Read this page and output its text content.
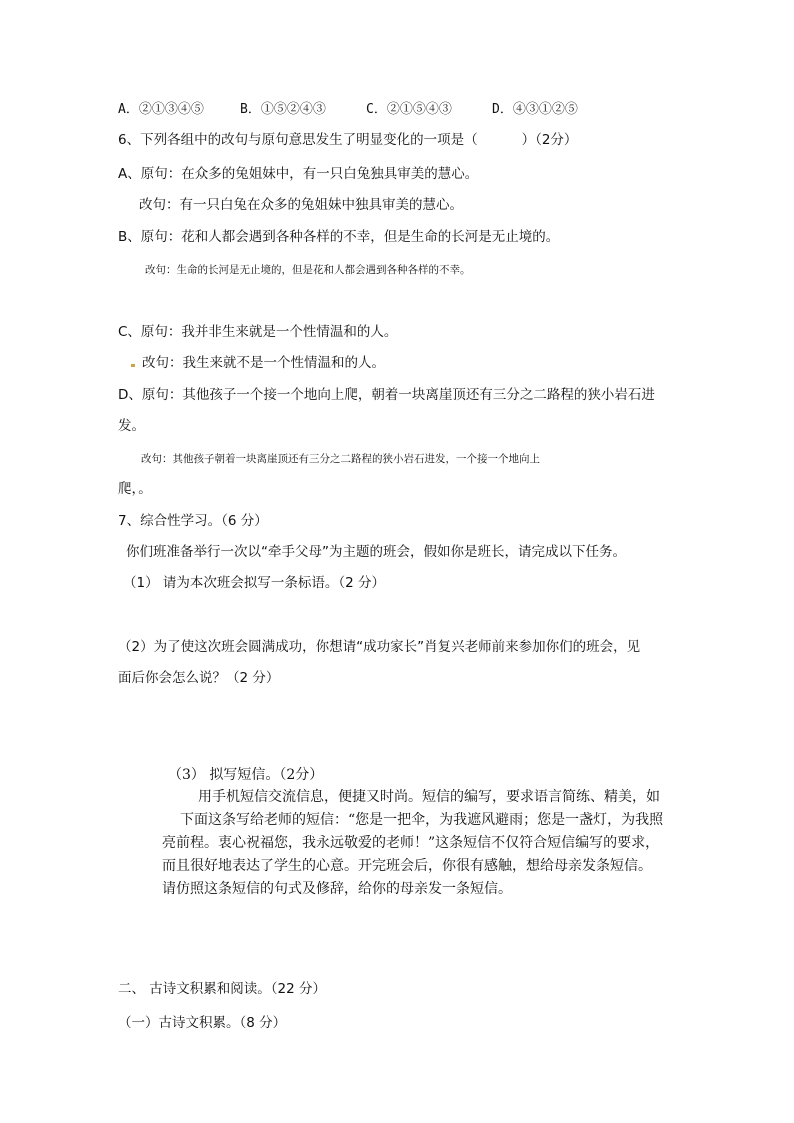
A．②①③④⑤	B．①⑤②④③	C．②①⑤④③	D．④③①②⑤
6、下列各组中的改句与原句意思发生了明显变化的一项是（	）（2分）
A、原句：在众多的兔姐妹中，有一只白兔独具审美的慧心。
改句：有一只白兔在众多的兔姐妹中独具审美的慧心。
B、原句：花和人都会遇到各种各样的不幸，但是生命的长河是无止境的。
改句：生命的长河是无止境的，但是花和人都会遇到各种各样的不幸。
C、原句：我并非生来就是一个性情温和的人。
改句：我生来就不是一个性情温和的人。
D、原句：其他孩子一个接一个地向上爬，朝着一块离崖顶还有三分之二路程的狭小岩石进
发。
改句：其他孩子朝着一块离崖顶还有三分之二路程的狭小岩石进发，一个接一个地向上
爬，。
7、综合性学习。（6 分）
你们班准备举行一次以“牵手父母”为主题的班会，假如你是班长，请完成以下任务。
（1） 请为本次班会拟写一条标语。（2 分）
（2）为了使这次班会圆满成功，你想请“成功家长”肖复兴老师前来参加你们的班会，见
面后你会怎么说？（2 分）
（3） 拟写短信。（2分）

用手机短信交流信息，便捷又时尚。短信的编写，要求语言简练、精美，如

下面这条写给老师的短信：“您是一把伞，为我遮风避雨；您是一盏灯，为我照

亮前程。衷心祝福您，我永远敬爱的老师！”这条短信不仅符合短信编写的要求，

而且很好地表达了学生的心意。开完班会后，你很有感触，想给母亲发条短信。

请仿照这条短信的句式及修辞，给你的母亲发一条短信。

二、 古诗文积累和阅读。（22 分）
（一）古诗文积累。（8 分）
